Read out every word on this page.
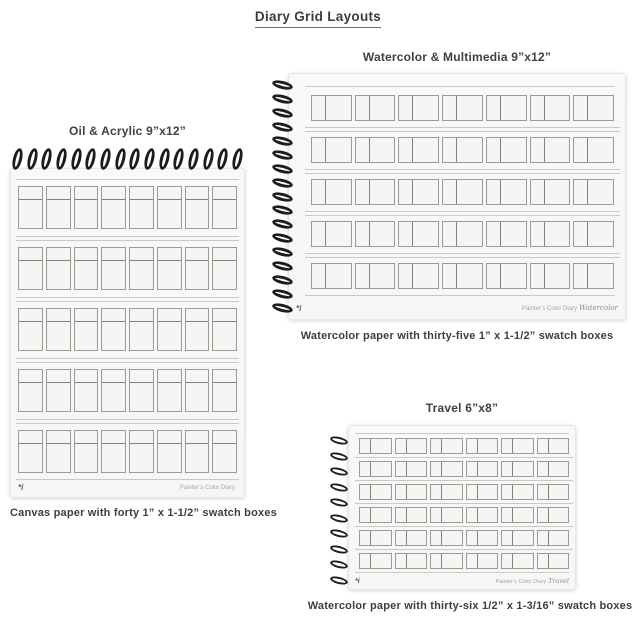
Diary Grid Layouts
Oil & Acrylic 9”x12”
*i	Painter’s Color Diary
Canvas paper with forty 1” x 1-1/2” swatch boxes
Watercolor & Multimedia 9”x12”
*i	Painter’s Color Diary Watercolor
Watercolor paper with thirty-five 1” x 1-1/2” swatch boxes
Travel 6”x8”
*i	Painter’s Color Diary Travel
Watercolor paper with thirty-six 1/2” x 1-3/16” swatch boxes
